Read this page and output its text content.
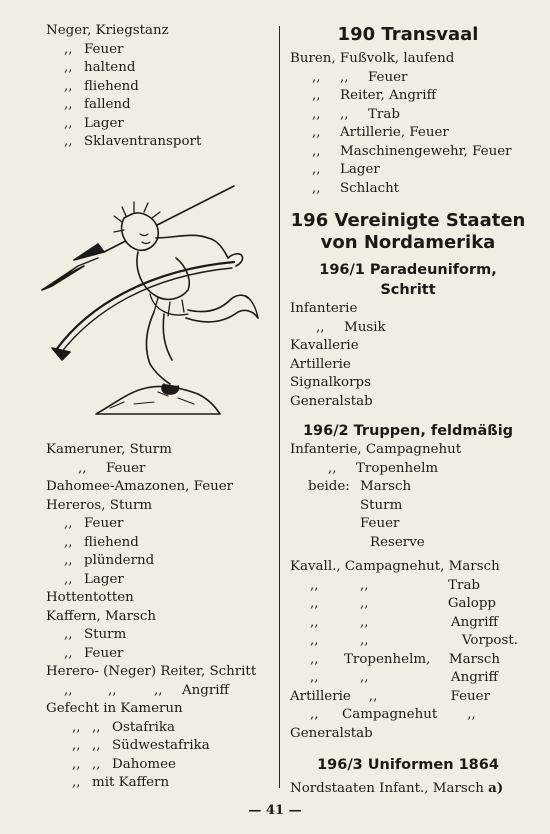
Neger, Kriegstanz
,, Feuer
,, haltend
,, fliehend
,, fallend
,, Lager
,, Sklaventransport
Kameruner, Sturm
,, Feuer
Dahomee-Amazonen, Feuer
Hereros, Sturm
,, Feuer
,, fliehend
,, plündernd
,, Lager
Hottentotten
Kaffern, Marsch
,, Sturm
,, Feuer
Herero- (Neger) Reiter, Schritt
,,	,,	,, Angriff
Gefecht in Kamerun
,, ,, Ostafrika
,, ,, Südwestafrika
,, ,, Dahomee
,, mit Kaffern
190 Transvaal
Buren, Fußvolk, laufend
,, ,, Feuer
,, Reiter, Angriff
,, ,, Trab
,, Artillerie, Feuer
,, Maschinengewehr, Feuer
,, Lager
,, Schlacht
196 Vereinigte Staaten
von Nordamerika
196/1 Paradeuniform, Schritt
Infanterie
,, Musik
Kavallerie
Artillerie
Signalkorps
Generalstab
196/2 Truppen, feldmäßig
Infanterie, Campagnehut
,, Tropenhelm
beide: Marsch
Sturm
Feuer
Reserve
Kavall., Campagnehut, Marsch
,,	,,	Trab
,,	,,	Galopp
,,	,,	Angriff
,,	,,	Vorpost.
,, Tropenhelm, Marsch
,,	,,	Angriff
Artillerie ,,	Feuer
,, Campagnehut ,,
Generalstab
196/3 Uniformen 1864
Nordstaaten Infant., Marsch a)
— 41 —
